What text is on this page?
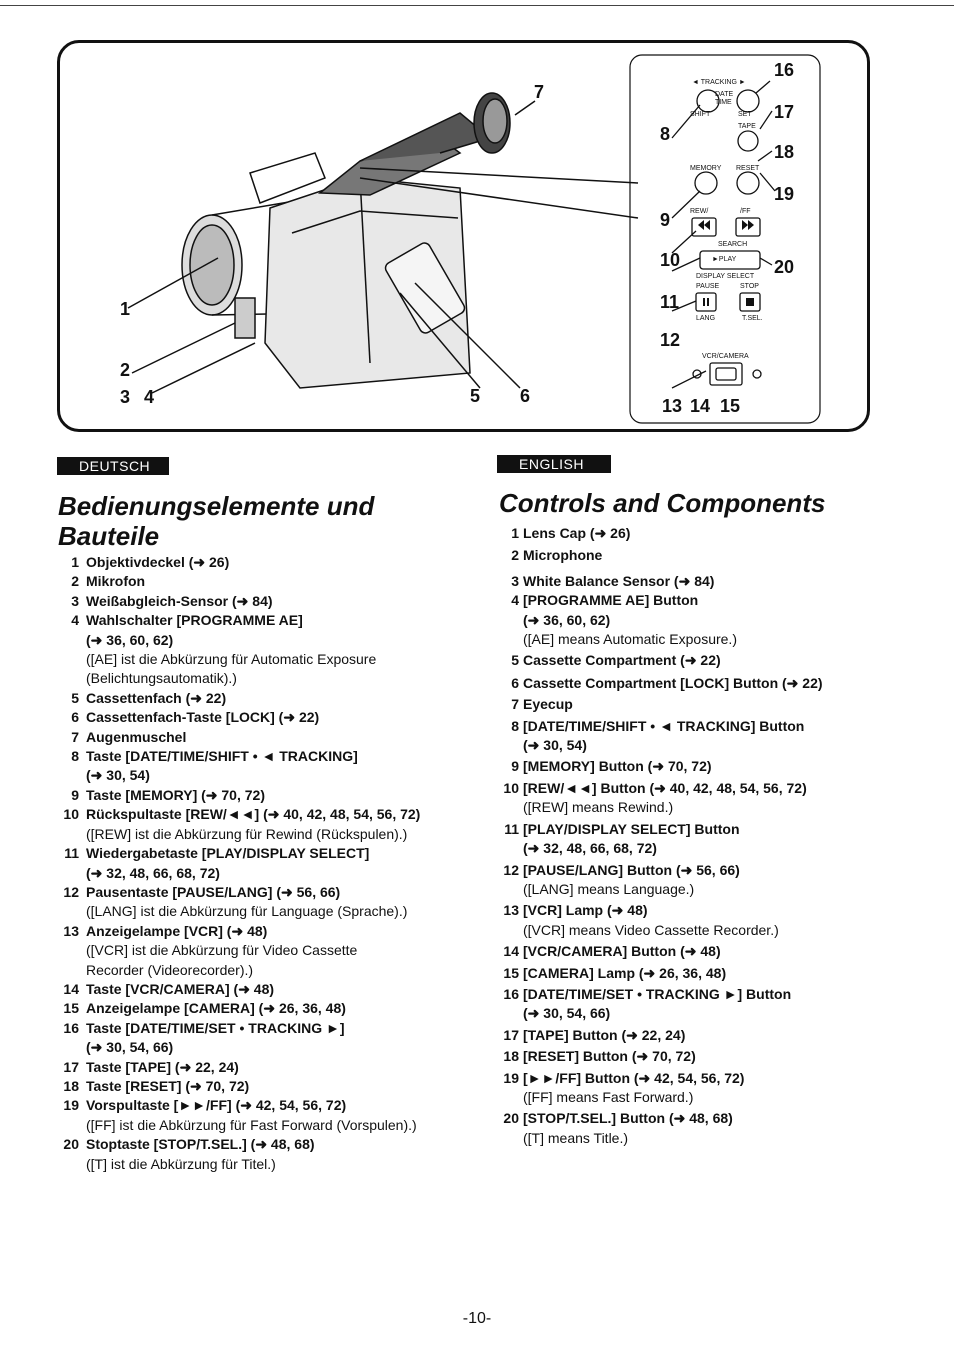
1
2
3 4	5 6
7
8
9
10
11
12
13 14 15
16
17
18
19
20
◄ TRACKING ►
DATE
TIME
SHIFT	SET
TAPE
MEMORY RESET
REW/	/FF
SEARCH
►PLAY
DISPLAY SELECT
PAUSE	STOP
LANG	T.SEL.
VCR/CAMERA
DEUTSCH
Bedienungselemente und
Bauteile
1 Objektivdeckel (➜ 26)
2 Mikrofon
3 Weißabgleich-Sensor (➜ 84)
4 Wahlschalter [PROGRAMME AE]
(➜ 36, 60, 62)
([AE] ist die Abkürzung für Automatic Exposure
(Belichtungsautomatik).)
5 Cassettenfach (➜ 22)
6 Cassettenfach-Taste [LOCK] (➜ 22)
7 Augenmuschel
8 Taste [DATE/TIME/SHIFT • ◄ TRACKING]
(➜ 30, 54)
9 Taste [MEMORY] (➜ 70, 72)
10 Rückspultaste [REW/◄◄] (➜ 40, 42, 48, 54, 56, 72)
([REW] ist die Abkürzung für Rewind (Rückspulen).)
11 Wiedergabetaste [PLAY/DISPLAY SELECT]
(➜ 32, 48, 66, 68, 72)
12 Pausentaste [PAUSE/LANG] (➜ 56, 66)
([LANG] ist die Abkürzung für Language (Sprache).)
13 Anzeigelampe [VCR] (➜ 48)
([VCR] ist die Abkürzung für Video Cassette
Recorder (Videorecorder).)
14 Taste [VCR/CAMERA] (➜ 48)
15 Anzeigelampe [CAMERA] (➜ 26, 36, 48)
16 Taste [DATE/TIME/SET • TRACKING ►]
(➜ 30, 54, 66)
17 Taste [TAPE] (➜ 22, 24)
18 Taste [RESET] (➜ 70, 72)
19 Vorspultaste [►►/FF] (➜ 42, 54, 56, 72)
([FF] ist die Abkürzung für Fast Forward (Vorspulen).)
20 Stoptaste [STOP/T.SEL.] (➜ 48, 68)
([T] ist die Abkürzung für Titel.)
ENGLISH
Controls and Components
1 Lens Cap (➜ 26)
2 Microphone
3 White Balance Sensor (➜ 84)
4 [PROGRAMME AE] Button
(➜ 36, 60, 62)
([AE] means Automatic Exposure.)
5 Cassette Compartment (➜ 22)
6 Cassette Compartment [LOCK] Button (➜ 22)
7 Eyecup
8 [DATE/TIME/SHIFT • ◄ TRACKING] Button
(➜ 30, 54)
9 [MEMORY] Button (➜ 70, 72)
10 [REW/◄◄] Button (➜ 40, 42, 48, 54, 56, 72)
([REW] means Rewind.)
11 [PLAY/DISPLAY SELECT] Button
(➜ 32, 48, 66, 68, 72)
12 [PAUSE/LANG] Button (➜ 56, 66)
([LANG] means Language.)
13 [VCR] Lamp (➜ 48)
([VCR] means Video Cassette Recorder.)
14 [VCR/CAMERA] Button (➜ 48)
15 [CAMERA] Lamp (➜ 26, 36, 48)
16 [DATE/TIME/SET • TRACKING ►] Button
(➜ 30, 54, 66)
17 [TAPE] Button (➜ 22, 24)
18 [RESET] Button (➜ 70, 72)
19 [►►/FF] Button (➜ 42, 54, 56, 72)
([FF] means Fast Forward.)
20 [STOP/T.SEL.] Button (➜ 48, 68)
([T] means Title.)
-10-
